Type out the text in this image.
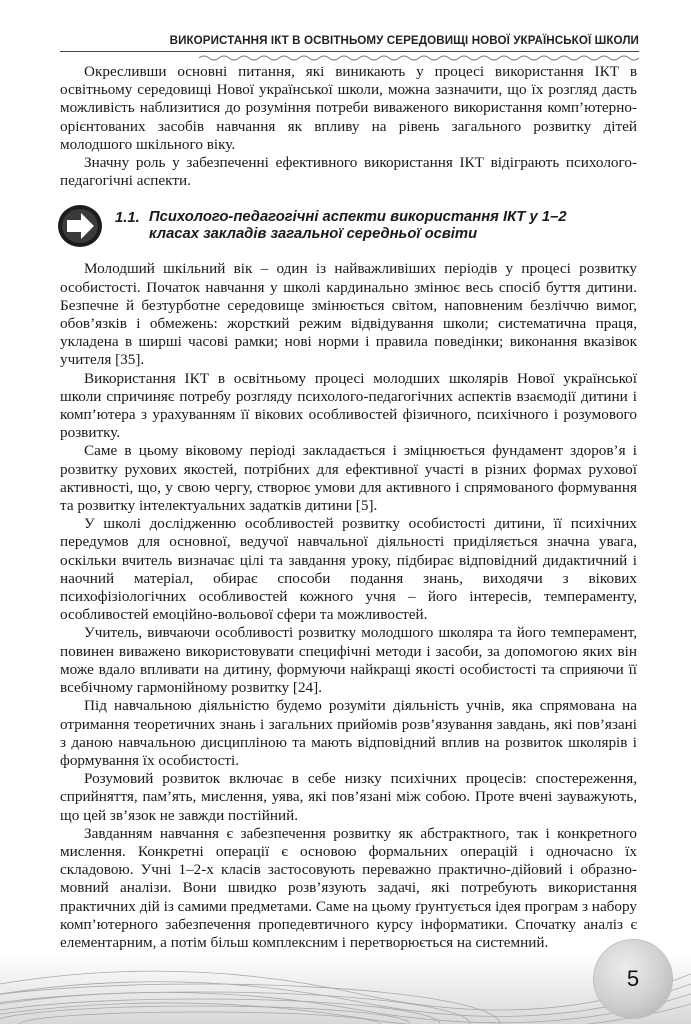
ВИКОРИСТАННЯ ІКТ В ОСВІТНЬОМУ СЕРЕДОВИЩІ НОВОЇ УКРАЇНСЬКОЇ ШКОЛИ

Окресливши основні питання, які виникають у процесі використання ІКТ в освітньому середовищі Нової української школи, можна зазначити, що їх розгляд дасть можливість наблизитися до розуміння потреби виваженого використання комп’ютерно-орієнтованих засобів навчання як впливу на рівень загального розвитку дітей молодшого шкільного віку.

Значну роль у забезпеченні ефективного використання ІКТ відіграють психолого-педагогічні аспекти.

1.1. Психолого-педагогічні аспекти використання ІКТ у 1–2 класах закладів загальної середньої освіти

Молодший шкільний вік – один із найважливіших періодів у процесі розвитку особистості. Початок навчання у школі кардинально змінює весь спосіб буття дитини. Безпечне й безтурботне середовище змінюється світом, наповненим безліччю вимог, обов’язків і обмежень: жорсткий режим відвідування школи; систематична праця, укладена в ширші часові рамки; нові норми і правила поведінки; виконання вказівок учителя [35].

Використання ІКТ в освітньому процесі молодших школярів Нової української школи спричиняє потребу розгляду психолого-педагогічних аспектів взаємодії дитини і комп’ютера з урахуванням її вікових особливостей фізичного, психічного і розумового розвитку.

Саме в цьому віковому періоді закладається і зміцнюється фундамент здоров’я і розвитку рухових якостей, потрібних для ефективної участі в різних формах рухової активності, що, у свою чергу, створює умови для активного і спрямованого формування та розвитку інтелектуальних задатків дитини [5].

У школі дослідженню особливостей розвитку особистості дитини, її психічних передумов для основної, ведучої навчальної діяльності приділяється значна увага, оскільки вчитель визначає цілі та завдання уроку, підбирає відповідний дидактичний і наочний матеріал, обирає способи подання знань, виходячи з вікових психофізіологічних особливостей кожного учня – його інтересів, темпераменту, особливостей емоційно-вольової сфери та можливостей.

Учитель, вивчаючи особливості розвитку молодшого школяра та його темперамент, повинен виважено використовувати специфічні методи і засоби, за допомогою яких він може вдало впливати на дитину, формуючи найкращі якості особистості та сприяючи її всебічному гармонійному розвитку [24].

Під навчальною діяльністю будемо розуміти діяльність учнів, яка спрямована на отримання теоретичних знань і загальних прийомів розв’язування завдань, які пов’язані з даною навчальною дисципліною та мають відповідний вплив на розвиток школярів і формування їх особистості.

Розумовий розвиток включає в себе низку психічних процесів: спостереження, сприйняття, пам’ять, мислення, уява, які пов’язані між собою. Проте вчені зауважують, що цей зв’язок не завжди постійний.

Завданням навчання є забезпечення розвитку як абстрактного, так і конкретного мислення. Конкретні операції є основою формальних операцій і одночасно їх складовою. Учні 1–2-х класів застосовують переважно практично-дійовий і образно-мовний аналізи. Вони швидко розв’язують задачі, які потребують використання практичних дій із самими предметами. Саме на цьому ґрунтується ідея програм з набору комп’ютерного забезпечення пропедевтичного курсу інформатики. Спочатку аналіз є елементарним, а потім більш комплексним і перетворюється на системний.

5
